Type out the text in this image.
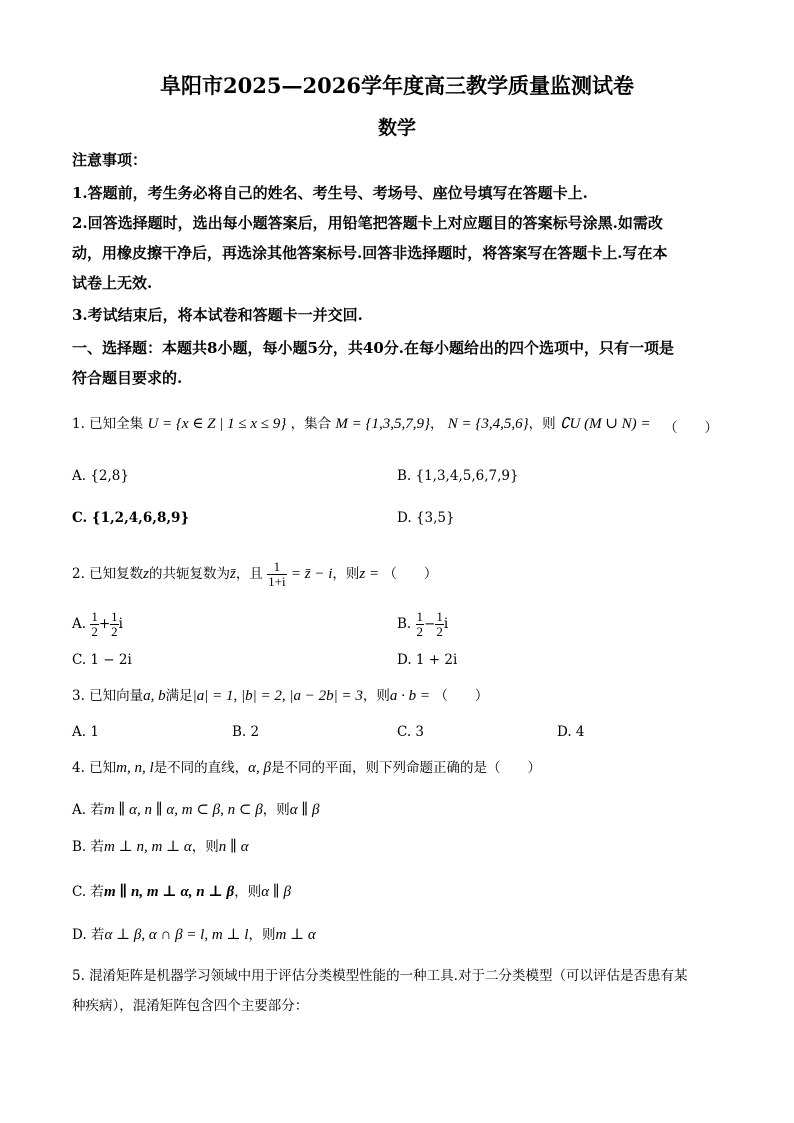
阜阳市2025—2026学年度高三教学质量监测试卷
数学
注意事项：
1.答题前，考生务必将自己的姓名、考生号、考场号、座位号填写在答题卡上.
2.回答选择题时，选出每小题答案后，用铅笔把答题卡上对应题目的答案标号涂黑.如需改
动，用橡皮擦干净后，再选涂其他答案标号.回答非选择题时，将答案写在答题卡上.写在本
试卷上无效.
3.考试结束后，将本试卷和答题卡一并交回.
一、选择题：本题共8小题，每小题5分，共40分.在每小题给出的四个选项中，只有一项是
符合题目要求的.
1. 已知全集 U = {x ∈ Z | 1 ≤ x ≤ 9} ，集合 M = {1,3,5,7,9}， N = {3,4,5,6}，则 ∁U (M ∪ N) = （　　）
A. {2,8}	B. {1,3,4,5,6,7,9}
C. {1,2,4,6,8,9}	D. {3,5}
2. 已知复数z的共轭复数为z̄，且 $\frac{1}{1+i}$ = z̄ − i，则z = （　　）
A. $\frac{1}{2} + \frac{1}{2}$ i	B. $\frac{1}{2} - \frac{1}{2}$ i
C. 1 − 2i	D. 1 + 2i
3. 已知向量a, b满足|a| = 1, |b| = 2, |a − 2b| = 3，则a · b = （　　）
A. 1	B. 2	C. 3	D. 4
4. 已知m, n, l是不同的直线，α, β是不同的平面，则下列命题正确的是（　　）
A. 若m ∥ α, n ∥ α, m ⊂ β, n ⊂ β，则α ∥ β
B. 若m ⊥ n, m ⊥ α，则n ∥ α
C. 若m ∥ n, m ⊥ α, n ⊥ β，则α ∥ β
D. 若α ⊥ β, α ∩ β = l, m ⊥ l，则m ⊥ α
5. 混淆矩阵是机器学习领域中用于评估分类模型性能的一种工具.对于二分类模型（可以评估是否患有某
种疾病），混淆矩阵包含四个主要部分：
